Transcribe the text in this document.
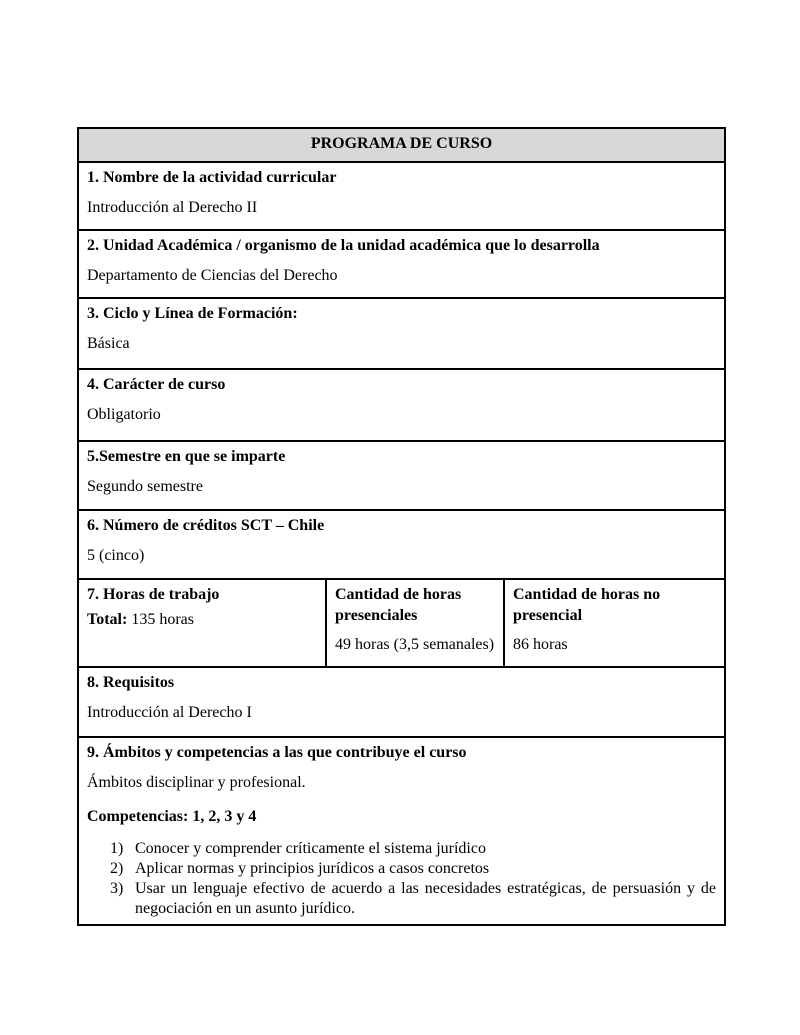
PROGRAMA DE CURSO
1. Nombre de la actividad curricular
Introducción al Derecho II
2. Unidad Académica / organismo de la unidad académica que lo desarrolla
Departamento de Ciencias del Derecho
3. Ciclo y Línea de Formación:
Básica
4. Carácter de curso
Obligatorio
5.Semestre en que se imparte
Segundo semestre
6. Número de créditos SCT – Chile
5 (cinco)
7. Horas de trabajo
Total: 135 horas
Cantidad de horas presenciales
49 horas (3,5 semanales)
Cantidad de horas no presencial
86 horas
8. Requisitos
Introducción al Derecho I
9. Ámbitos y competencias a las que contribuye el curso
Ámbitos disciplinar y profesional.
Competencias: 1, 2, 3 y 4
1) Conocer y comprender críticamente el sistema jurídico
2) Aplicar normas y principios jurídicos a casos concretos
3) Usar un lenguaje efectivo de acuerdo a las necesidades estratégicas, de persuasión y de negociación en un asunto jurídico.
